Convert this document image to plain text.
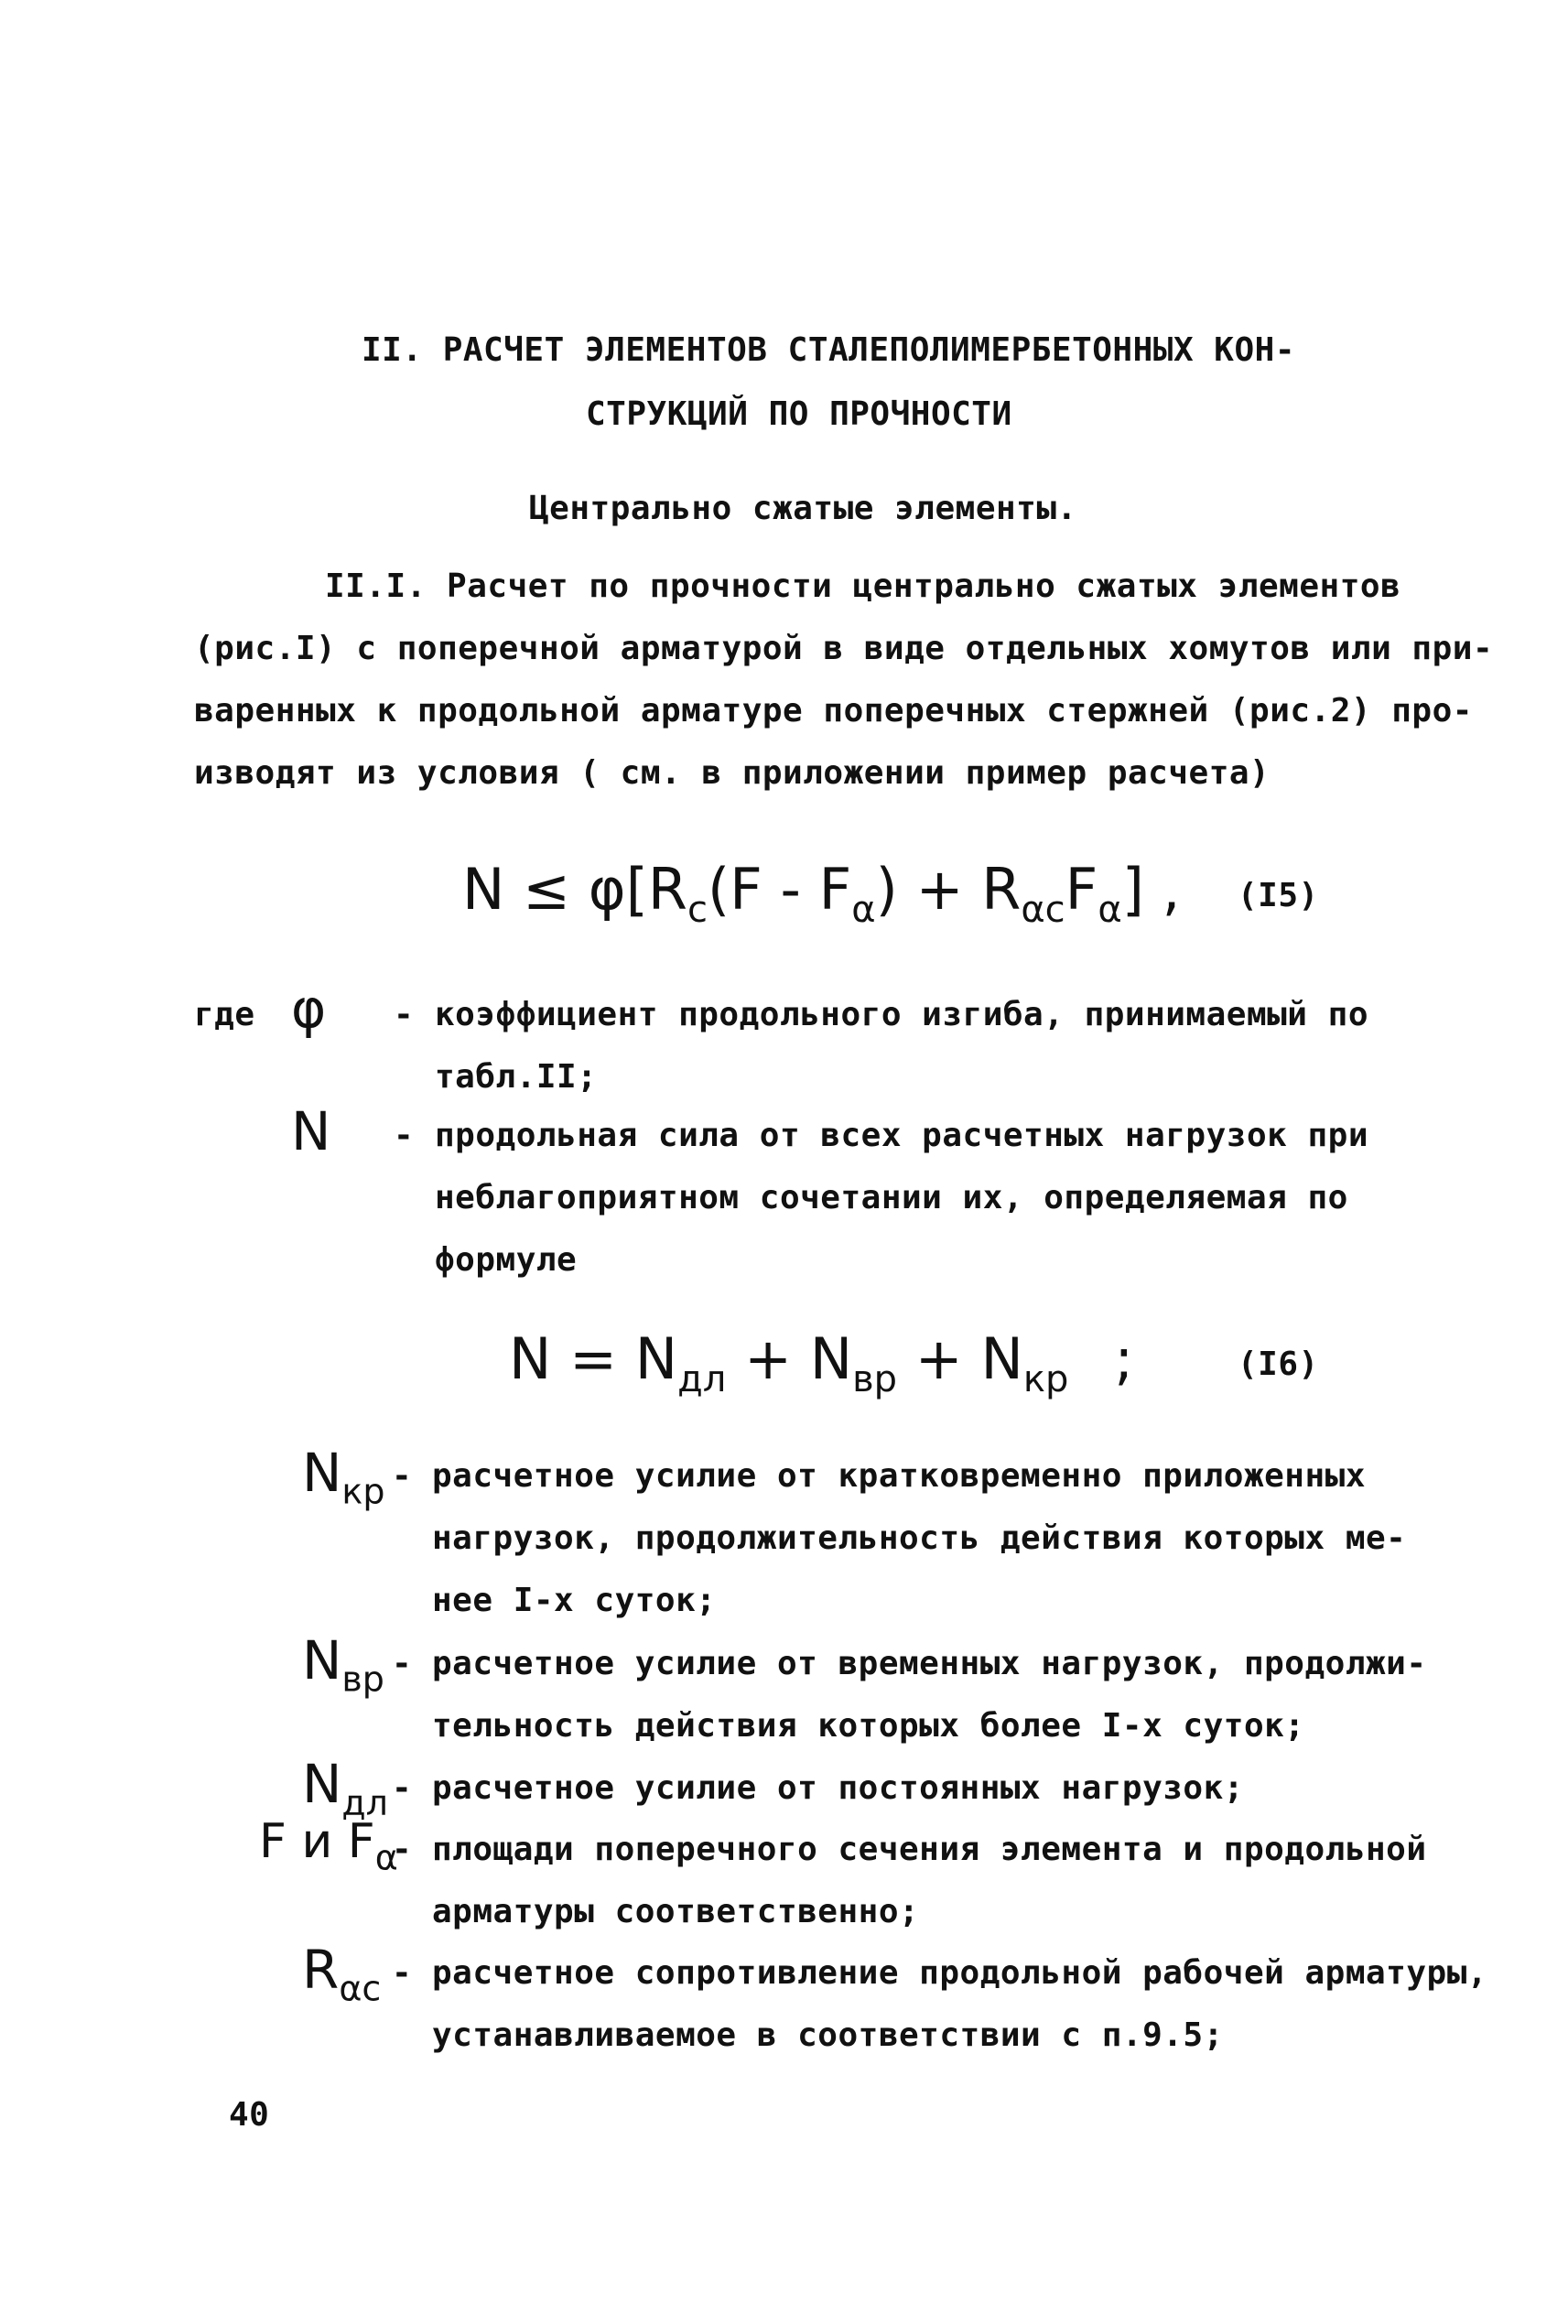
II. РАСЧЕТ ЭЛЕМЕНТОВ СТАЛЕПОЛИМЕРБЕТОННЫХ КОН-
СТРУКЦИЙ ПО ПРОЧНОСТИ
Центрально сжатые элементы.
II.I. Расчет по прочности центрально сжатых элементов
(рис.I) с поперечной арматурой в виде отдельных хомутов или при-
варенных к продольной арматуре поперечных стержней (рис.2) про-
изводят из условия ( см. в приложении пример расчета)
$N \le \varphi[R_c(F - F_\alpha) + R_{\alpha c}F_\alpha]$ , (I5)
где φ - коэффициент продольного изгиба, принимаемый по
табл.II;
N - продольная сила от всех расчетных нагрузок при
неблагоприятном сочетании их, определяемая по
формуле
$N = N_{дл} + N_{вр} + N_{кр}$ ;	(I6)
$N_{кр}$ - расчетное усилие от кратковременно приложенных
нагрузок, продолжительность действия которых ме-
нее I-х суток;
$N_{вр}$ - расчетное усилие от временных нагрузок, продолжи-
тельность действия которых более I-х суток;
$N_{дл}$ - расчетное усилие от постоянных нагрузок;
F и $F_\alpha$
- площади поперечного сечения элемента и продольной
арматуры соответственно;
$R_{\alpha c}$ - расчетное сопротивление продольной рабочей арматуры,
устанавливаемое в соответствии с п.9.5;
40
